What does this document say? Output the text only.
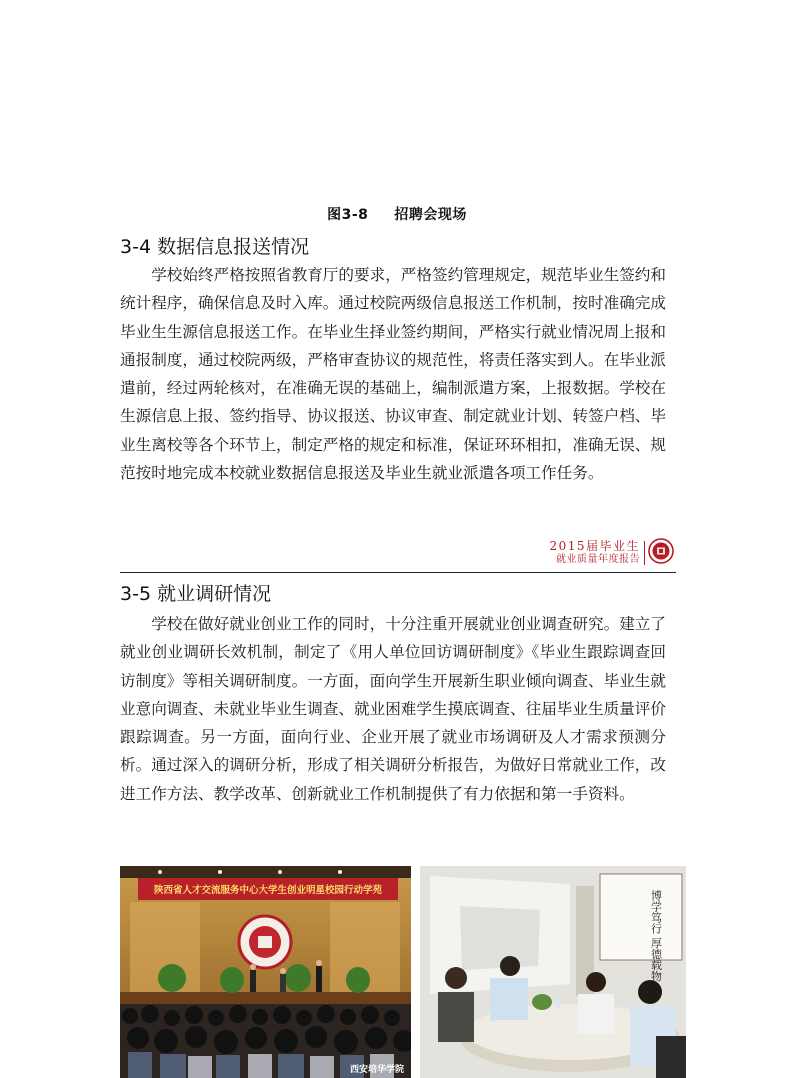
图3-8 招聘会现场
3-4 数据信息报送情况

学校始终严格按照省教育厅的要求，严格签约管理规定，规范毕业生签约和统计程序，确保信息及时入库。通过校院两级信息报送工作机制，按时准确完成毕业生生源信息报送工作。在毕业生择业签约期间，严格实行就业情况周上报和通报制度，通过校院两级，严格审查协议的规范性，将责任落实到人。在毕业派遣前，经过两轮核对，在准确无误的基础上，编制派遣方案，上报数据。学校在生源信息上报、签约指导、协议报送、协议审查、制定就业计划、转签户档、毕业生离校等各个环节上，制定严格的规定和标准，保证环环相扣，准确无误、规范按时地完成本校就业数据信息报送及毕业生就业派遣各项工作任务。

2015届毕业生
就业质量年度报告
3-5 就业调研情况

学校在做好就业创业工作的同时，十分注重开展就业创业调查研究。建立了就业创业调研长效机制，制定了《用人单位回访调研制度》《毕业生跟踪调查回访制度》等相关调研制度。一方面，面向学生开展新生职业倾向调查、毕业生就业意向调查、未就业毕业生调查、就业困难学生摸底调查、往届毕业生质量评价跟踪调查。另一方面，面向行业、企业开展了就业市场调研及人才需求预测分析。通过深入的调研分析，形成了相关调研分析报告，为做好日常就业工作，改进工作方法、教学改革、创新就业工作机制提供了有力依据和第一手资料。

陕西省人才交流服务中心大学生创业明星校园行动学苑
西安培华学院
博学笃行 厚德载物
